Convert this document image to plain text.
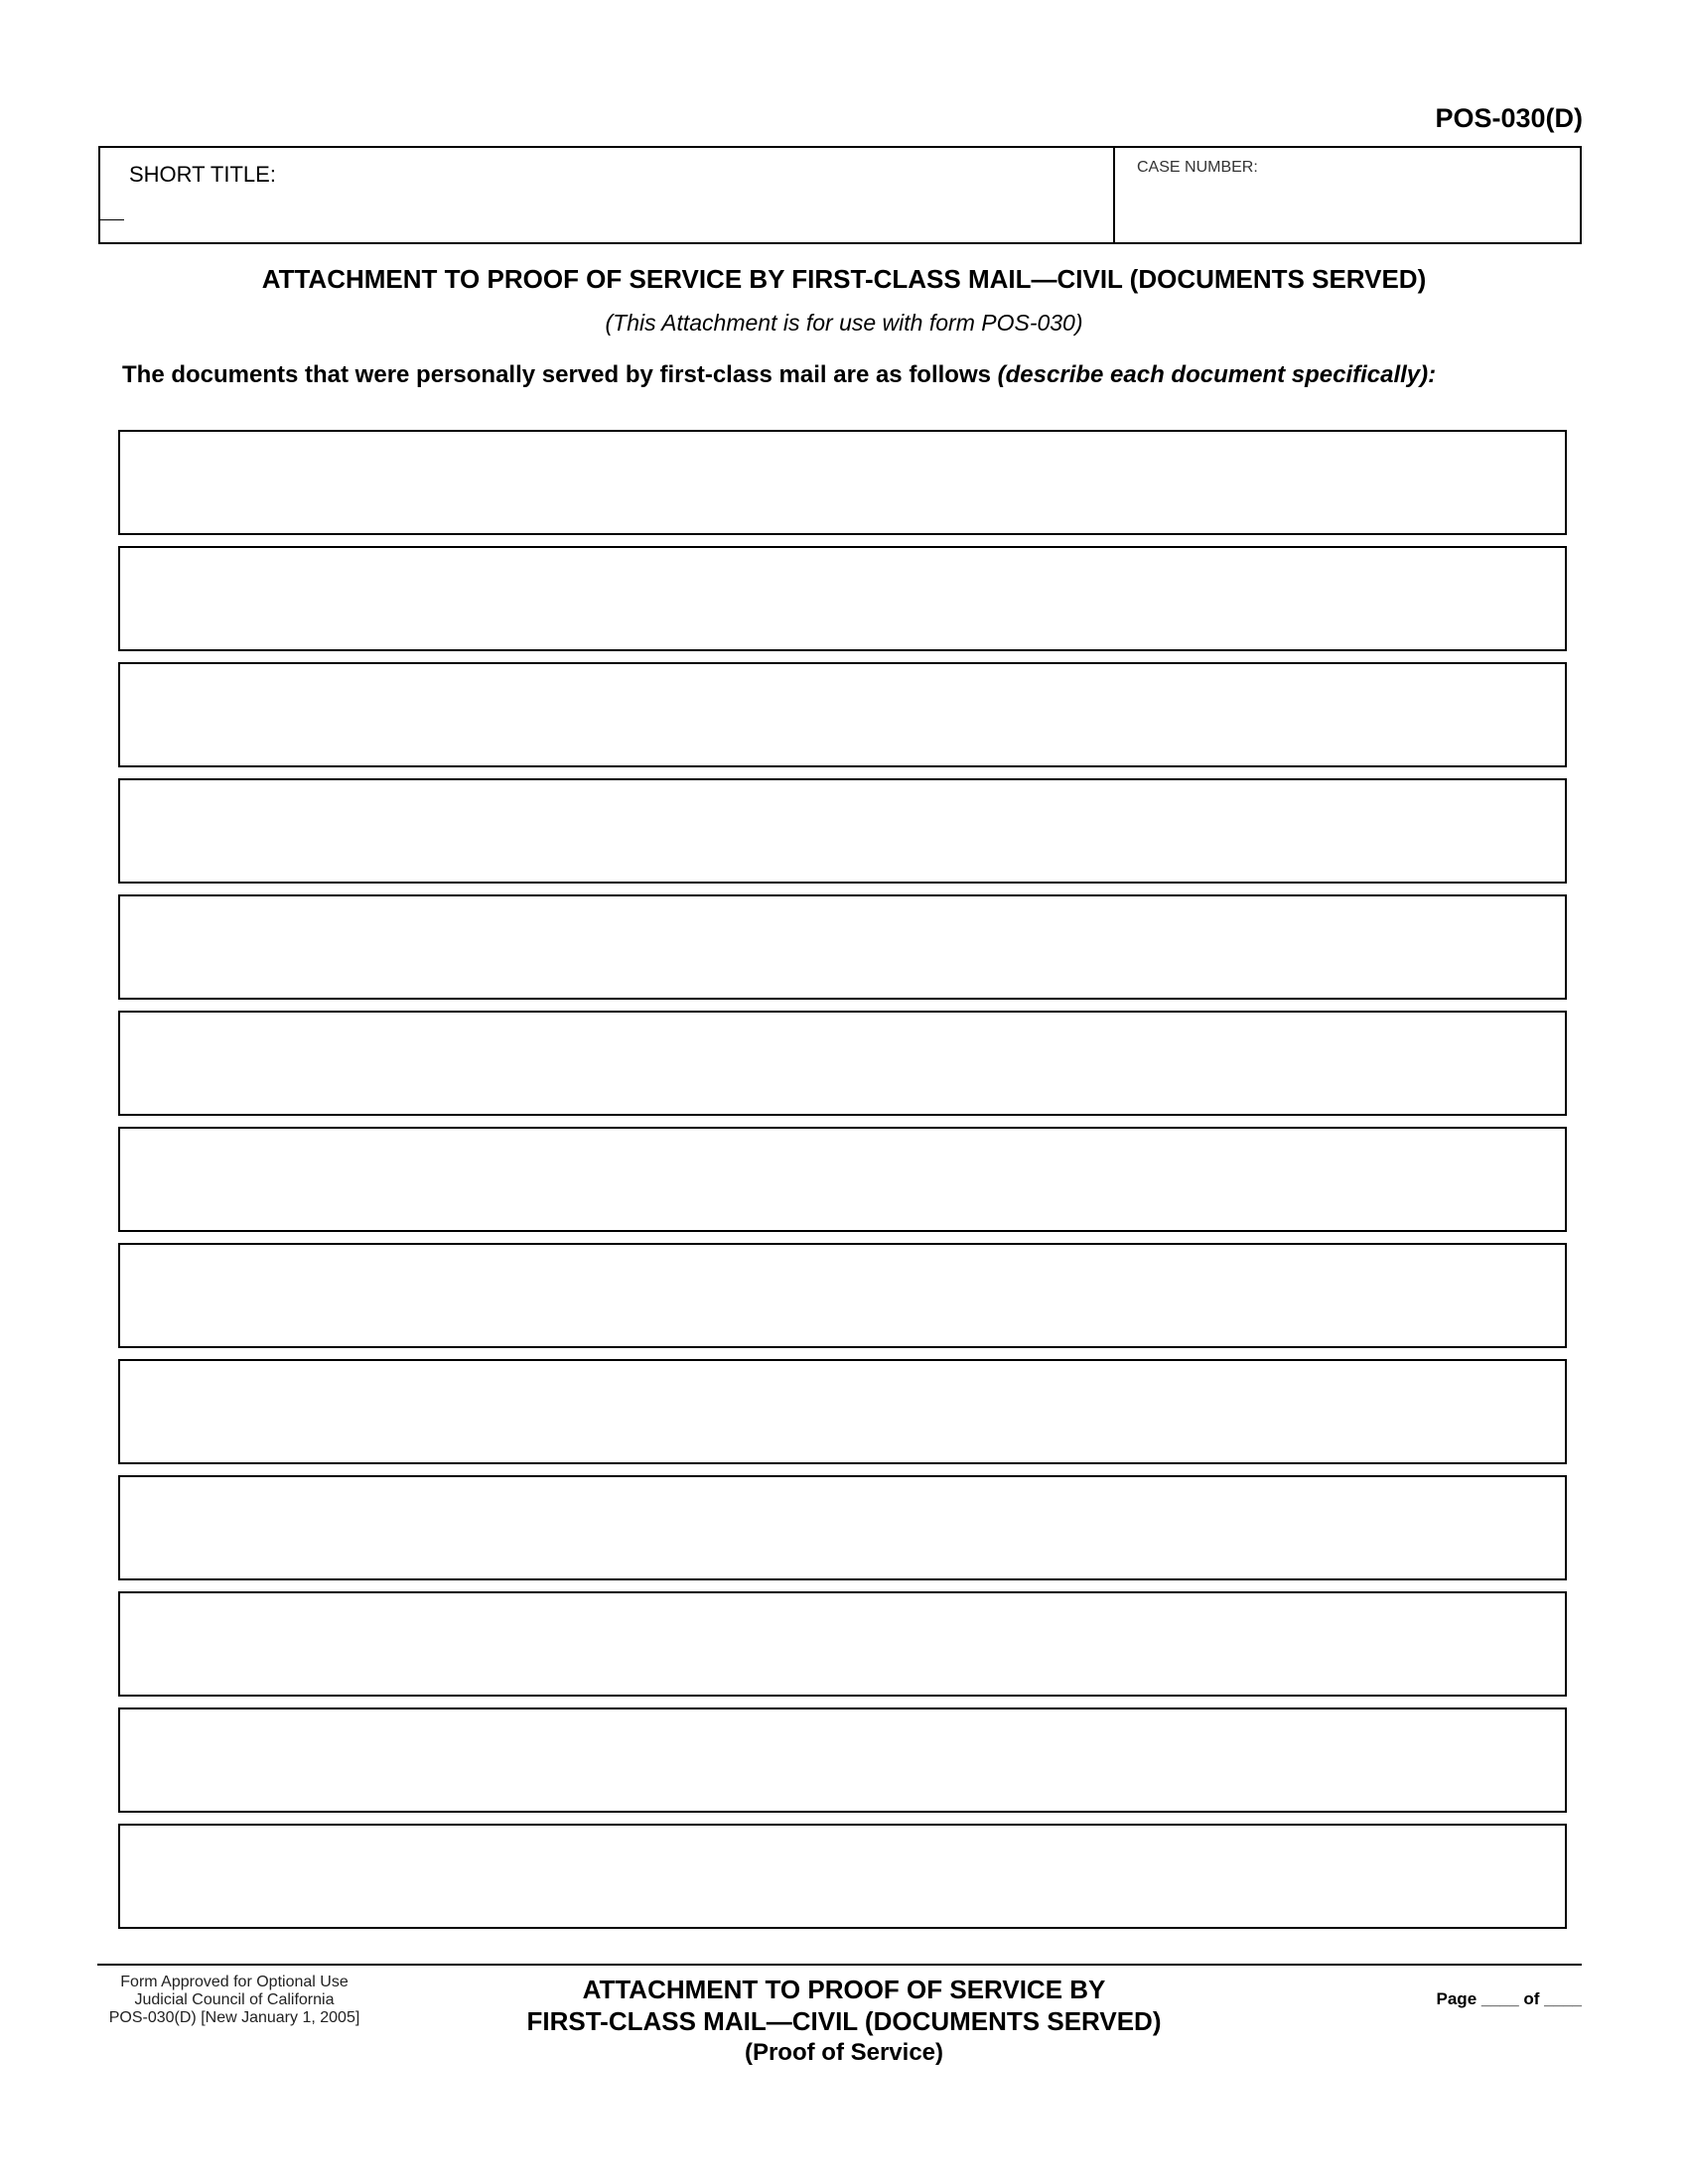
POS-030(D)
SHORT TITLE:	CASE NUMBER:
ATTACHMENT TO PROOF OF SERVICE BY FIRST-CLASS MAIL—CIVIL (DOCUMENTS SERVED)
(This Attachment is for use with form POS-030)
The documents that were personally served by first-class mail are as follows (describe each document specifically):
Form Approved for Optional Use
Judicial Council of California
POS-030(D) [New January 1, 2005]
ATTACHMENT TO PROOF OF SERVICE BY
FIRST-CLASS MAIL—CIVIL (DOCUMENTS SERVED)
(Proof of Service)
Page ____ of ____
